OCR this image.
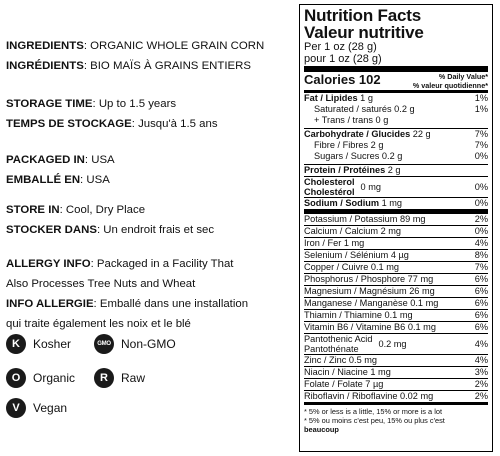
INGREDIENTS: ORGANIC WHOLE GRAIN CORN
INGRÉDIENTS: BIO MAÏS À GRAINS ENTIERS
STORAGE TIME: Up to 1.5 years
TEMPS DE STOCKAGE: Jusqu'à 1.5 ans
PACKAGED IN: USA
EMBALLÉ EN: USA
STORE IN: Cool, Dry Place
STOCKER DANS: Un endroit frais et sec
ALLERGY INFO: Packaged in a Facility That
Also Processes Tree Nuts and Wheat
INFO ALLERGIE: Emballé dans une installation
qui traite également les noix et le blé
K	Kosher	GMO Non-GMO
O	Organic	R	Raw
V	Vegan
Nutrition Facts
Valeur nutritive
Per 1 oz (28 g)
pour 1 oz (28 g)
Calories 102	% Daily Value*
% valeur quotidienne*
Fat / Lipides 1 g	1%
Saturated / saturés 0.2 g	1%
+ Trans / trans 0 g
Carbohydrate / Glucides 22 g	7%
Fibre / Fibres 2 g	7%
Sugars / Sucres 0.2 g	0%
Protein / Protéines 2 g
Cholesterol
Cholestérol
0 mg	0%
Sodium / Sodium 1 mg	0%
Potassium / Potassium 89 mg	2%
Calcium / Calcium 2 mg	0%
Iron / Fer 1 mg	4%
Selenium / Sélénium 4 µg	8%
Copper / Cuivre 0.1 mg	7%
Phosphorus / Phosphore 77 mg	6%
Magnesium / Magnésium 26 mg	6%
Manganese / Manganèse 0.1 mg	6%
Thiamin / Thiamine 0.1 mg	6%
Vitamin B6 / Vitamine B6 0.1 mg	6%
Pantothenic Acid
Pantothénate
0.2 mg	4%
Zinc / Zinc 0.5 mg	4%
Niacin / Niacine 1 mg	3%
Folate / Folate 7 µg	2%
Riboflavin / Riboflavine 0.02 mg	2%
* 5% or less is a little, 15% or more is a lot
* 5% ou moins c'est peu, 15% ou plus c'est
beaucoup
